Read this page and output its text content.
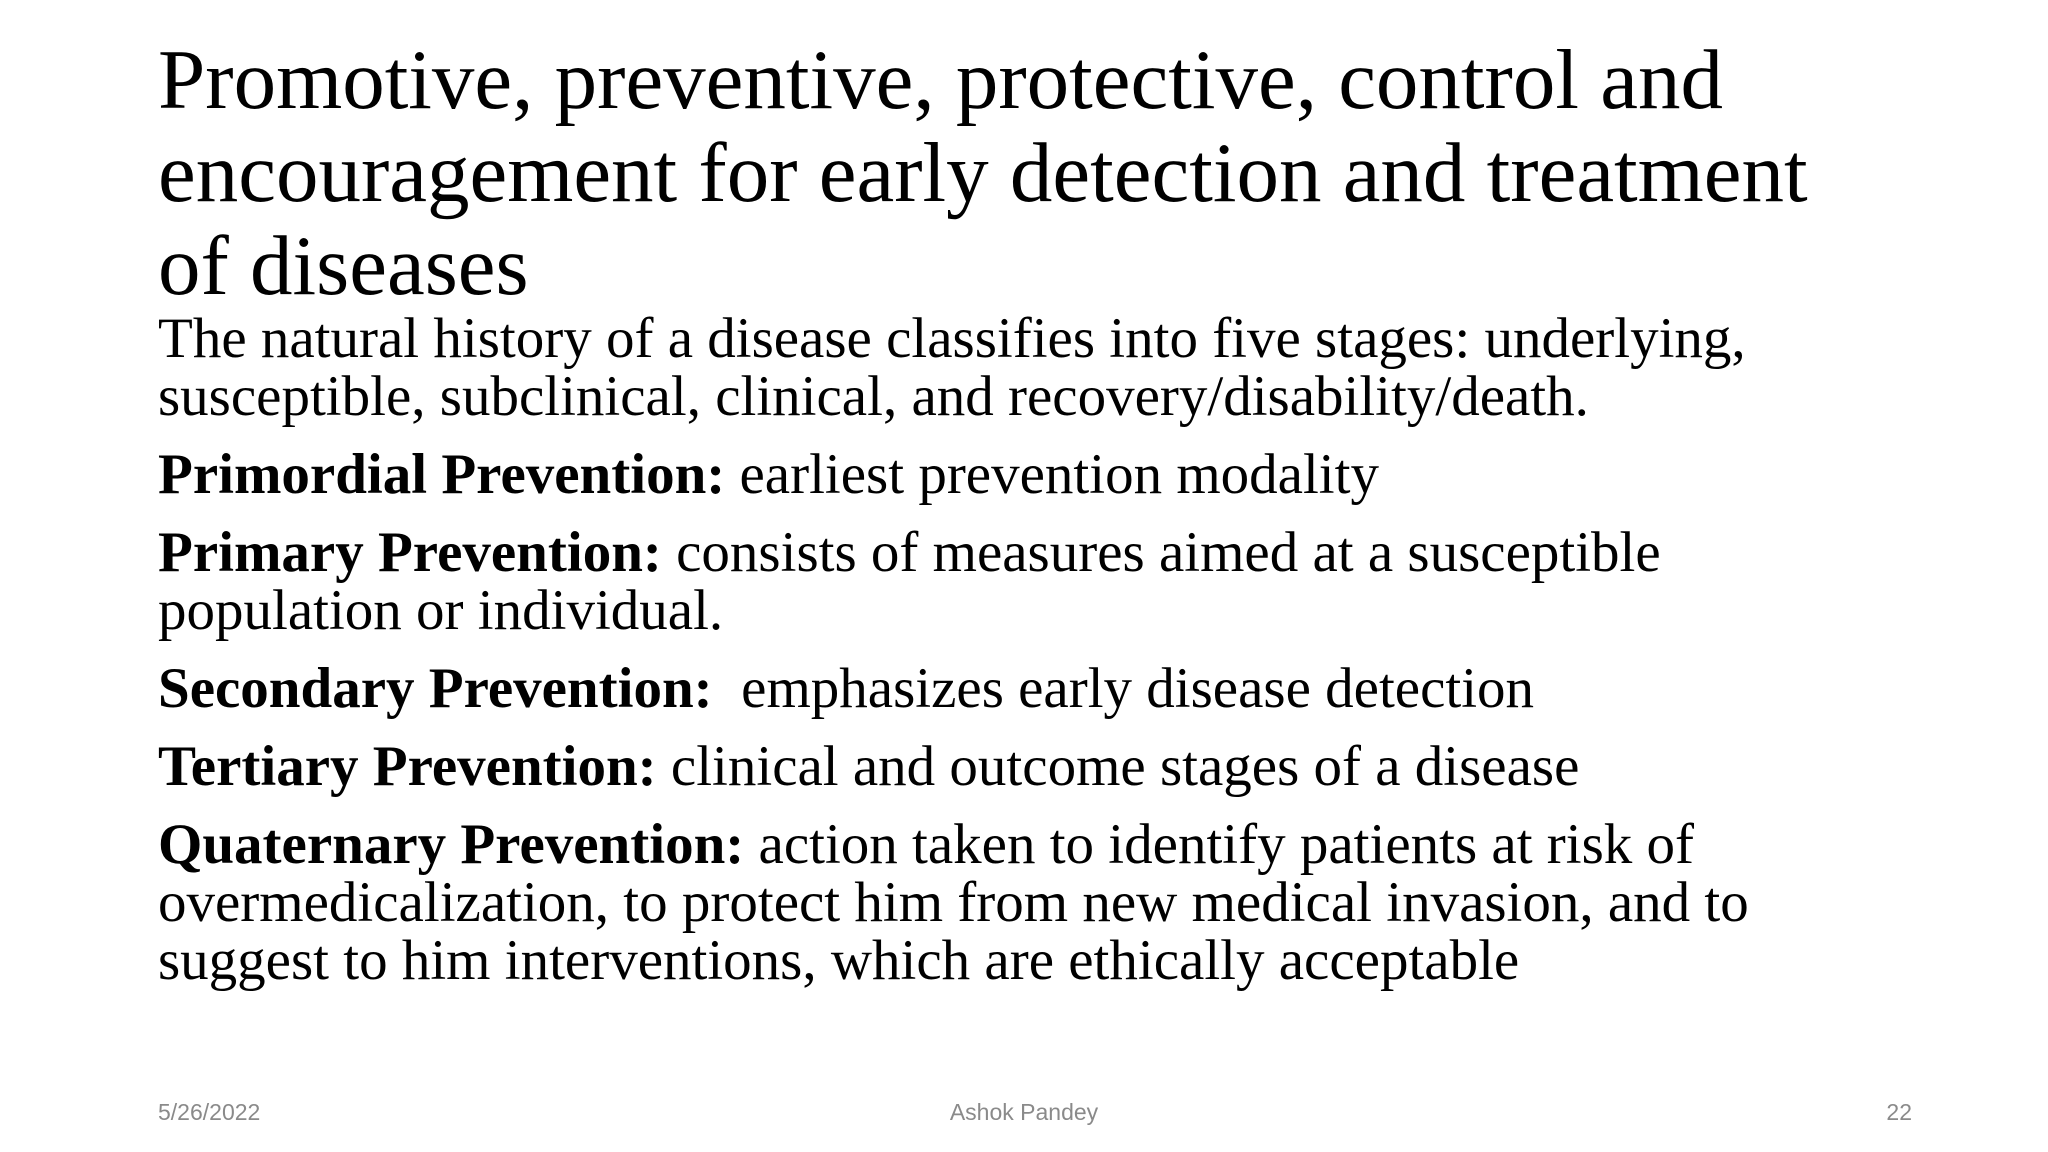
Promotive, preventive, protective, control and encouragement for early detection and treatment of diseases

The natural history of a disease classifies into five stages: underlying, susceptible, subclinical, clinical, and recovery/disability/death.

Primordial Prevention: earliest prevention modality

Primary Prevention: consists of measures aimed at a susceptible population or individual.

Secondary Prevention:  emphasizes early disease detection

Tertiary Prevention: clinical and outcome stages of a disease

Quaternary Prevention: action taken to identify patients at risk of overmedicalization, to protect him from new medical invasion, and to suggest to him interventions, which are ethically acceptable

5/26/2022	Ashok Pandey	22
